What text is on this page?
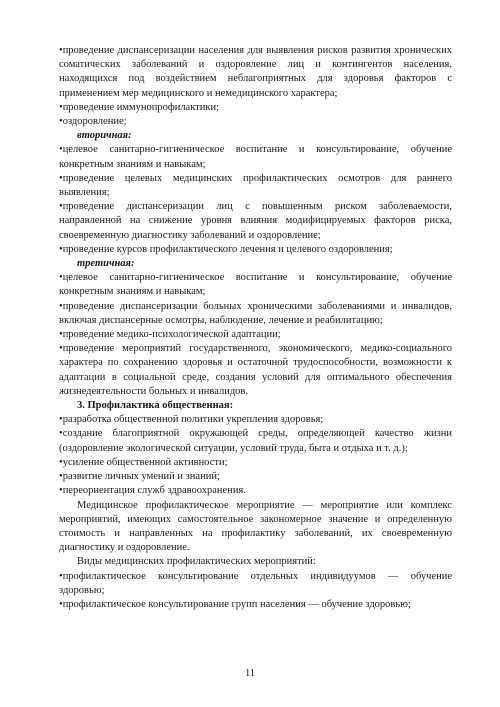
•проведение диспансеризации населения для выявления рисков развития хронических соматических заболеваний и оздоровление лиц и контингентов населения, находящихся под воздействием неблагоприятных для здоровья факторов с применением мер медицинского и немедицинского характера;

•проведение иммунопрофилактики;

•оздоровление;

вторичная:

•целевое санитарно-гигиеническое воспитание и консультирование, обучение конкретным знаниям и навыкам;

•проведение целевых медицинских профилактических осмотров для раннего выявления;

•проведение диспансеризации лиц с повышенным риском заболеваемости, направленной на снижение уровня влияния модифицируемых факторов риска, своевременную диагностику заболеваний и оздоровление;

•проведение курсов профилактического лечения и целевого оздоровления;

третичная:

•целевое санитарно-гигиеническое воспитание и консультирование, обучение конкретным знаниям и навыкам;

•проведение диспансеризации больных хроническими заболеваниями и инвалидов, включая диспансерные осмотры, наблюдение, лечение и реабилитацию;

•проведение медико-психологической адаптации;

•проведение мероприятий государственного, экономического, медико-социального характера по сохранению здоровья и остаточной трудоспособности, возможности к адаптации в социальной среде, создания условий для оптимального обеспечения жизнедеятельности больных и инвалидов.

3. Профилактика общественная:

•разработка общественной политики укрепления здоровья;

•создание благоприятной окружающей среды, определяющей качество жизни (оздоровление экологической ситуации, условий труда, быта и отдыха и т. д.);

•усиление общественной активности;

•развитие личных умений и знаний;

•переориентация служб здравоохранения.

Медицинское профилактическое мероприятие — мероприятие или комплекс мероприятий, имеющих самостоятельное закономерное значение и определенную стоимость и направленных на профилактику заболеваний, их своевременную диагностику и оздоровление.

Виды медицинских профилактических мероприятий:

•профилактическое консультирование отдельных индивидуумов — обучение здоровью;

•профилактическое консультирование групп населения — обучение здоровью;

11
